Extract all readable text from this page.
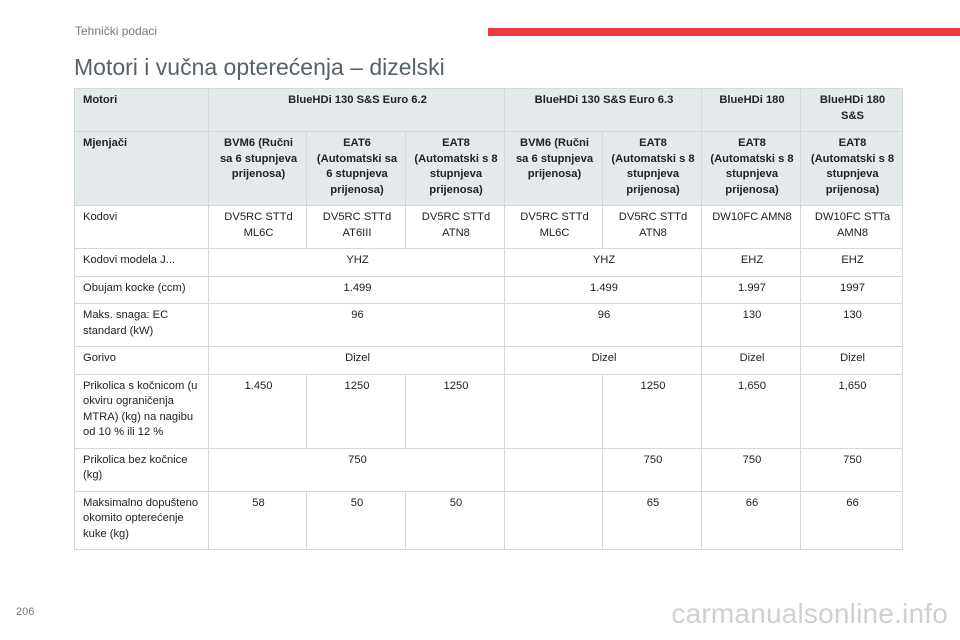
Tehnički podaci
Motori i vučna opterećenja – dizelski
Motori	BlueHDi 130 S&S Euro 6.2			BlueHDi 130 S&S Euro 6.3		BlueHDi 180	BlueHDi 180 S&S
Mjenjači	BVM6 (Ručni sa 6 stupnjeva prijenosa)	EAT6 (Automatski sa 6 stupnjeva prijenosa)	EAT8 (Automatski s 8 stupnjeva prijenosa)	BVM6 (Ručni sa 6 stupnjeva prijenosa)	EAT8 (Automatski s 8 stupnjeva prijenosa)	EAT8 (Automatski s 8 stupnjeva prijenosa)	EAT8 (Automatski s 8 stupnjeva prijenosa)
Kodovi	DV5RC STTd ML6C	DV5RC STTd AT6III	DV5RC STTd ATN8	DV5RC STTd ML6C	DV5RC STTd ATN8	DW10FC AMN8	DW10FC STTa AMN8
Kodovi modela J...	YHZ			YHZ		EHZ	EHZ
Obujam kocke (ccm)	1.499			1.499		1.997	1997
Maks. snaga: EC standard (kW)	96			96		130	130
Gorivo	Dizel			Dizel		Dizel	Dizel
Prikolica s kočnicom (u okviru ograničenja MTRA) (kg) na nagibu od 10 % ili 12 %	1.450	1250	1250		1250	1,650	1,650
Prikolica bez kočnice (kg)	750				750	750	750
Maksimalno dopušteno okomito opterećenje kuke (kg)	58	50	50		65	66	66
206	carmanualsonline.info
